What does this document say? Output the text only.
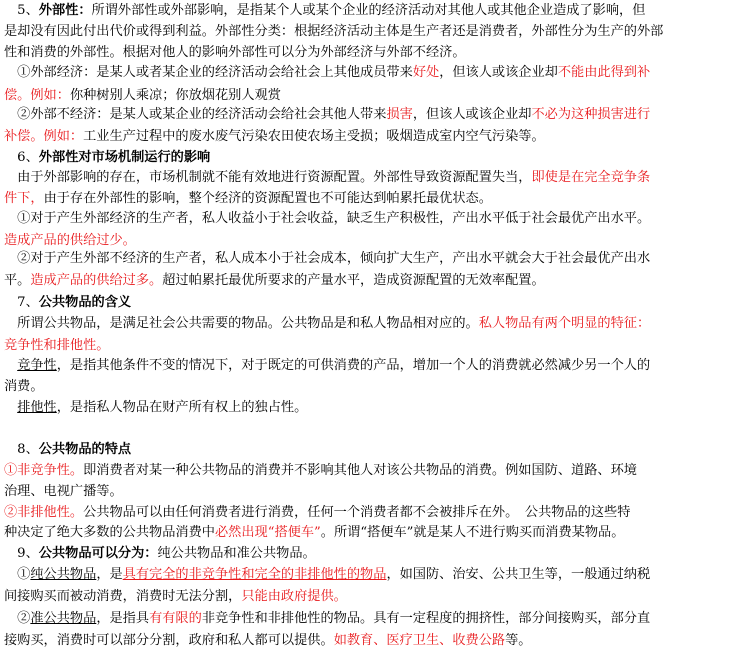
　5、外部性：所谓外部性或外部影响，是指某个人或某个企业的经济活动对其他人或其他企业造成了影响，但
是却没有因此付出代价或得到利益。外部性分类：根据经济活动主体是生产者还是消费者，外部性分为生产的外部
性和消费的外部性。根据对他人的影响外部性可以分为外部经济与外部不经济。
　①外部经济：是某人或者某企业的经济活动会给社会上其他成员带来好处，但该人或该企业却不能由此得到补
偿。例如：你种树别人乘凉；你放烟花别人观赏
　②外部不经济：是某人或某企业的经济活动会给社会其他人带来损害，但该人或该企业却不必为这种损害进行
补偿。例如：工业生产过程中的废水废气污染农田使农场主受损；吸烟造成室内空气污染等。
　6、外部性对市场机制运行的影响
　由于外部影响的存在，市场机制就不能有效地进行资源配置。外部性导致资源配置失当，即使是在完全竞争条
件下，由于存在外部性的影响，整个经济的资源配置也不可能达到帕累托最优状态。
　①对于产生外部经济的生产者，私人收益小于社会收益，缺乏生产积极性，产出水平低于社会最优产出水平。
造成产品的供给过少。
　②对于产生外部不经济的生产者，私人成本小于社会成本，倾向扩大生产，产出水平就会大于社会最优产出水
平。造成产品的供给过多。超过帕累托最优所要求的产量水平，造成资源配置的无效率配置。
　7、公共物品的含义
　所谓公共物品，是满足社会公共需要的物品。公共物品是和私人物品相对应的。私人物品有两个明显的特征：
竞争性和排他性。
　竞争性，是指其他条件不变的情况下，对于既定的可供消费的产品，增加一个人的消费就必然减少另一个人的
消费。
　排他性，是指私人物品在财产所有权上的独占性。
　8、公共物品的特点
①非竞争性。即消费者对某一种公共物品的消费并不影响其他人对该公共物品的消费。例如国防、道路、环境
治理、电视广播等。
②非排他性。公共物品可以由任何消费者进行消费，任何一个消费者都不会被排斥在外。　公共物品的这些特
种决定了绝大多数的公共物品消费中必然出现“搭便车”。所谓“搭便车”就是某人不进行购买而消费某物品。
　9、公共物品可以分为：纯公共物品和准公共物品。
　①纯公共物品，是具有完全的非竞争性和完全的非排他性的物品，如国防、治安、公共卫生等，一般通过纳税
间接购买而被动消费，消费时无法分割，只能由政府提供。
　②准公共物品，是指具有有限的非竞争性和非排他性的物品。具有一定程度的拥挤性，部分间接购买，部分直
接购买，消费时可以部分分割，政府和私人都可以提供。如教育、医疗卫生、收费公路等。
